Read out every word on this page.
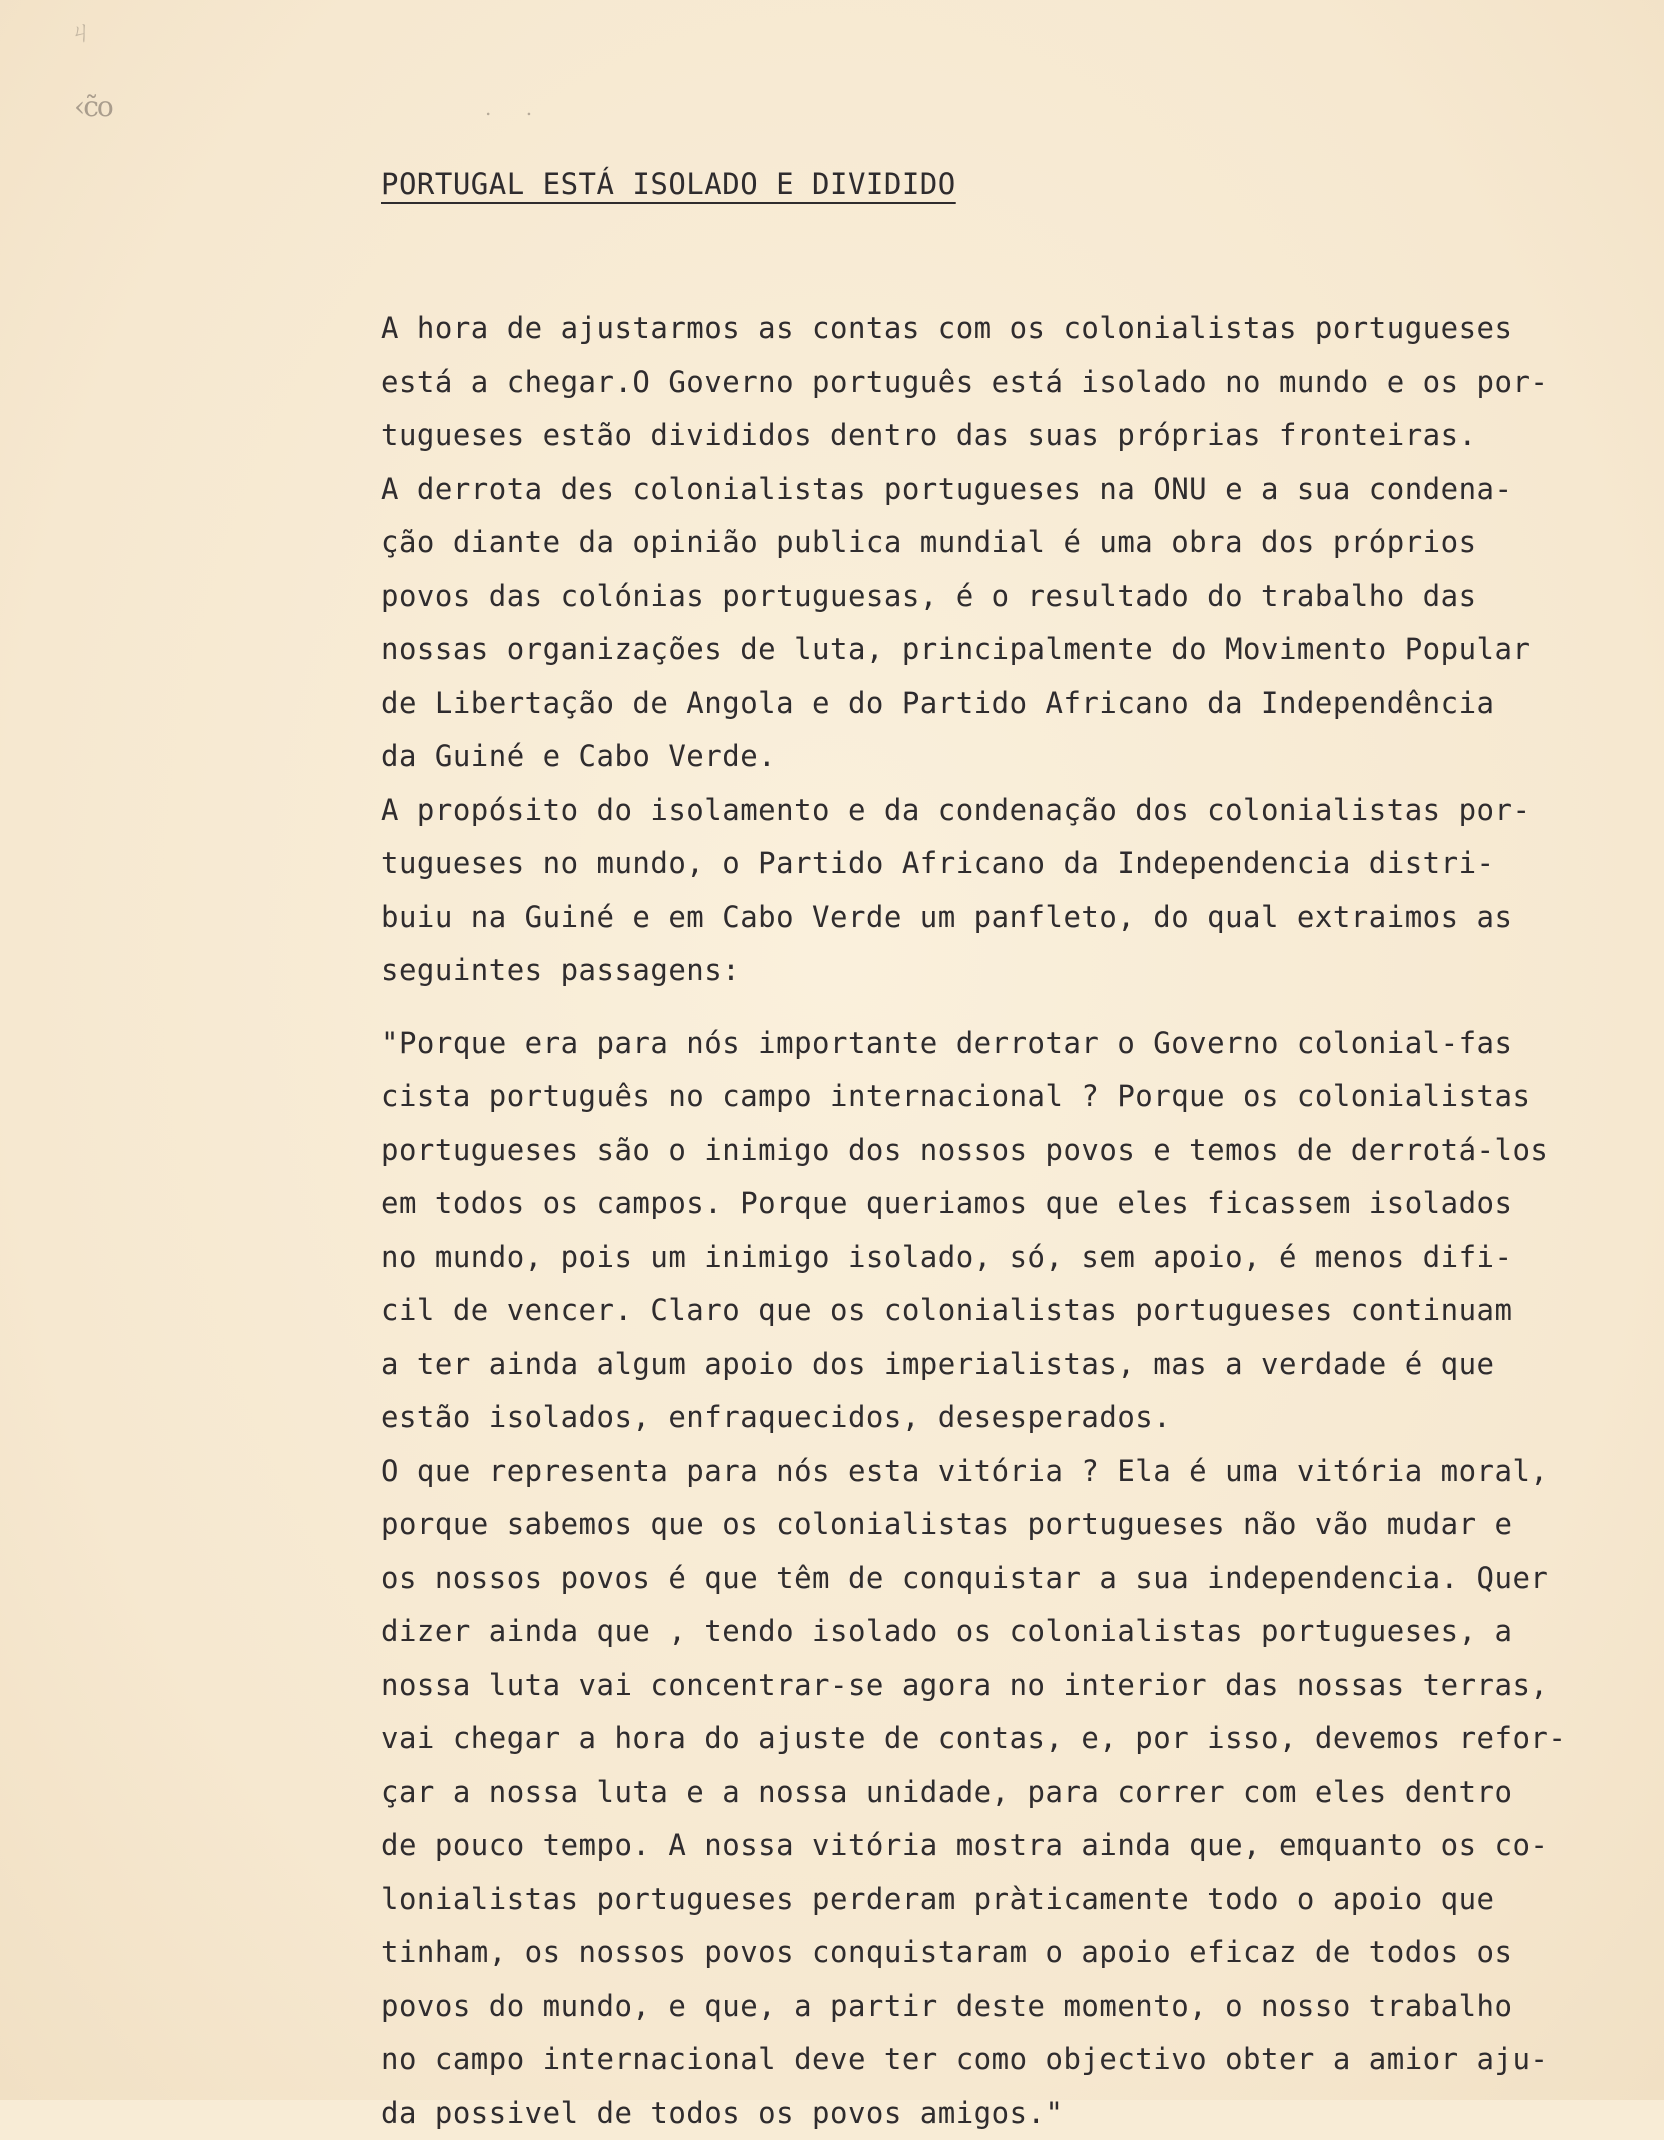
ㄐ
‹c̃o	. .
PORTUGAL ESTÁ ISOLADO E DIVIDIDO
A hora de ajustarmos as contas com os colonialistas portugueses
está a chegar.O Governo português está isolado no mundo e os por-
tugueses estão divididos dentro das suas próprias fronteiras.
A derrota des colonialistas portugueses na ONU e a sua condena-
ção diante da opinião publica mundial é uma obra dos próprios
povos das colónias portuguesas, é o resultado do trabalho das
nossas organizações de luta, principalmente do Movimento Popular
de Libertação de Angola e do Partido Africano da Independência
da Guiné e Cabo Verde.
A propósito do isolamento e da condenação dos colonialistas por-
tugueses no mundo, o Partido Africano da Independencia distri-
buiu na Guiné e em Cabo Verde um panfleto, do qual extraimos as
seguintes passagens:
"Porque era para nós importante derrotar o Governo colonial-fas
cista português no campo internacional ? Porque os colonialistas
portugueses são o inimigo dos nossos povos e temos de derrotá-los
em todos os campos. Porque queriamos que eles ficassem isolados
no mundo, pois um inimigo isolado, só, sem apoio, é menos difi-
cil de vencer. Claro que os colonialistas portugueses continuam
a ter ainda algum apoio dos imperialistas, mas a verdade é que
estão isolados, enfraquecidos, desesperados.
O que representa para nós esta vitória ? Ela é uma vitória moral,
porque sabemos que os colonialistas portugueses não vão mudar e
os nossos povos é que têm de conquistar a sua independencia. Quer
dizer ainda que , tendo isolado os colonialistas portugueses, a
nossa luta vai concentrar-se agora no interior das nossas terras,
vai chegar a hora do ajuste de contas, e, por isso, devemos refor-
çar a nossa luta e a nossa unidade, para correr com eles dentro
de pouco tempo. A nossa vitória mostra ainda que, emquanto os co-
lonialistas portugueses perderam pràticamente todo o apoio que
tinham, os nossos povos conquistaram o apoio eficaz de todos os
povos do mundo, e que, a partir deste momento, o nosso trabalho
no campo internacional deve ter como objectivo obter a amior aju-
da possivel de todos os povos amigos."
